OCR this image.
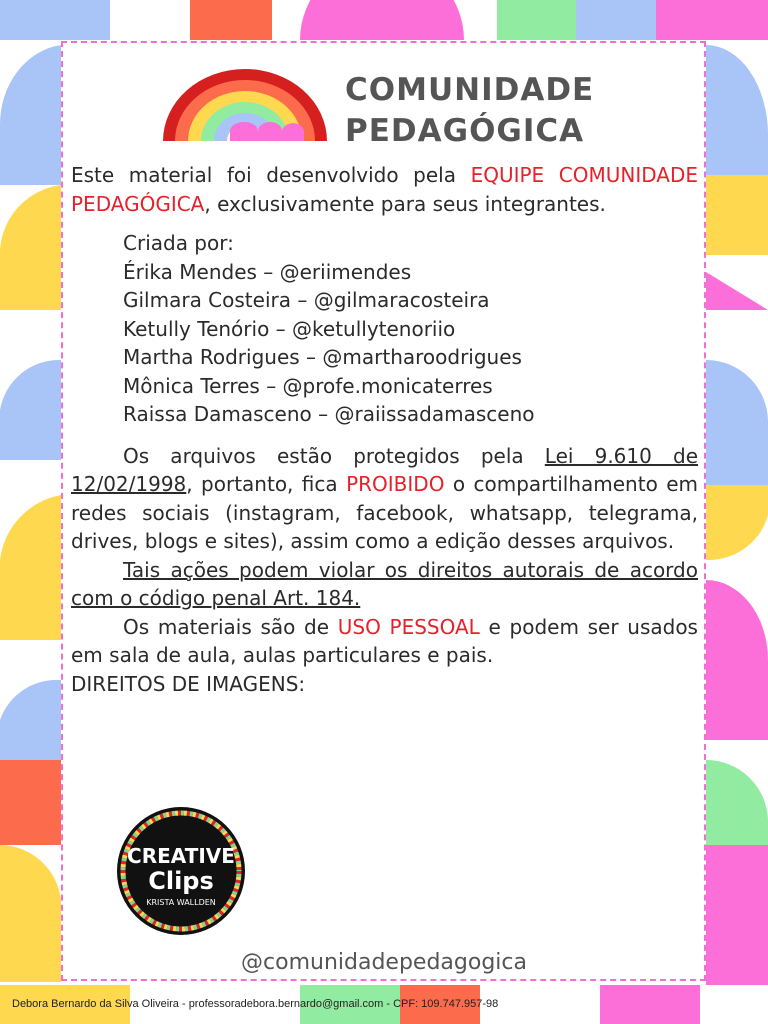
COMUNIDADE
PEDAGÓGICA

Este material foi desenvolvido pela EQUIPE COMUNIDADE PEDAGÓGICA, exclusivamente para seus integrantes.

Criada por:
Érika Mendes – @eriimendes
Gilmara Costeira – @gilmaracosteira
Ketully Tenório – @ketullytenoriio
Martha Rodrigues – @martharoodrigues
Mônica Terres – @profe.monicaterres
Raissa Damasceno – @raiissadamasceno

Os arquivos estão protegidos pela Lei 9.610 de 12/02/1998, portanto, fica PROIBIDO o compartilhamento em redes sociais (instagram, facebook, whatsapp, telegrama, drives, blogs e sites), assim como a edição desses arquivos.

Tais ações podem violar os direitos autorais de acordo com o código penal Art. 184.

Os materiais são de USO PESSOAL e podem ser usados em sala de aula, aulas particulares e pais.

DIREITOS DE IMAGENS:

CREATIVE
Clips
KRISTA WALLDEN
@comunidadepedagogica
Debora Bernardo da Silva Oliveira - professoradebora.bernardo@gmail.com - CPF: 109.747.957-98
